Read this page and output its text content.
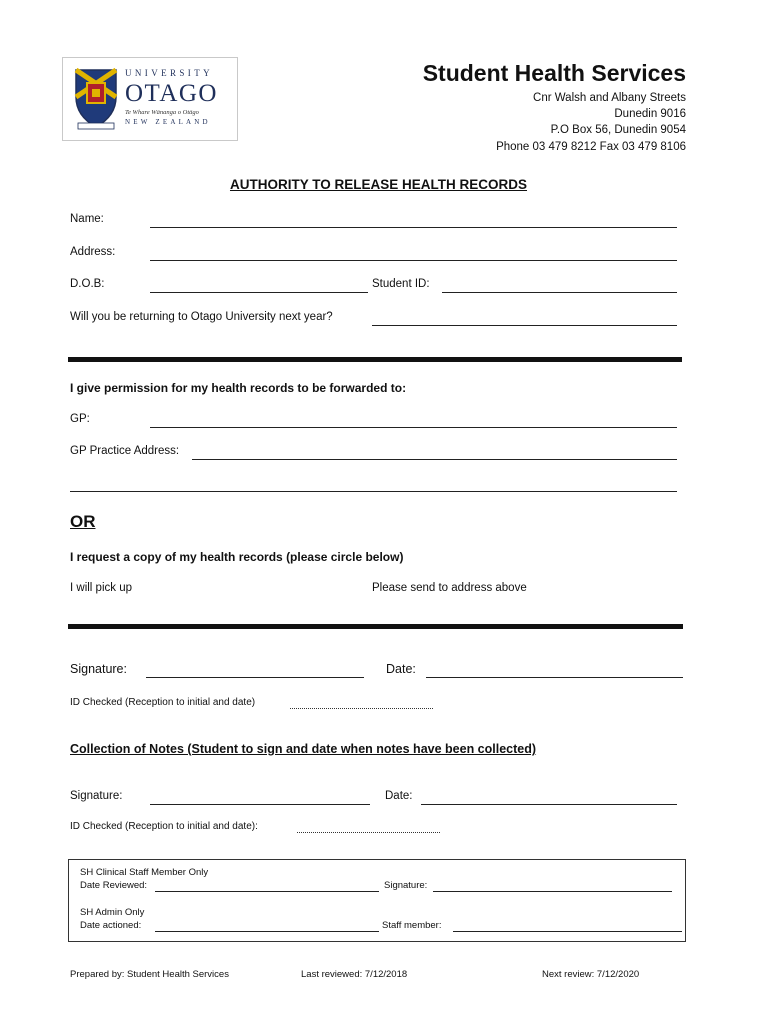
UNIVERSITY
OTAGO
Te Whare Wānanga o Otāgo
NEW ZEALAND
Student Health Services
Cnr Walsh and Albany Streets
Dunedin 9016
P.O Box 56, Dunedin 9054
Phone 03 479 8212 Fax 03 479 8106
AUTHORITY TO RELEASE HEALTH RECORDS
Name:
Address:
D.O.B:	Student ID:
Will you be returning to Otago University next year?
I give permission for my health records to be forwarded to:
GP:
GP Practice Address:
OR
I request a copy of my health records (please circle below)
I will pick up	Please send to address above
Signature:	Date:
ID Checked (Reception to initial and date)
Collection of Notes (Student to sign and date when notes have been collected)
Signature:	Date:
ID Checked (Reception to initial and date):
SH Clinical Staff Member Only
Date Reviewed:	Signature:
SH Admin Only
Date actioned:	Staff member:
Prepared by: Student Health Services	Last reviewed: 7/12/2018	Next review: 7/12/2020
